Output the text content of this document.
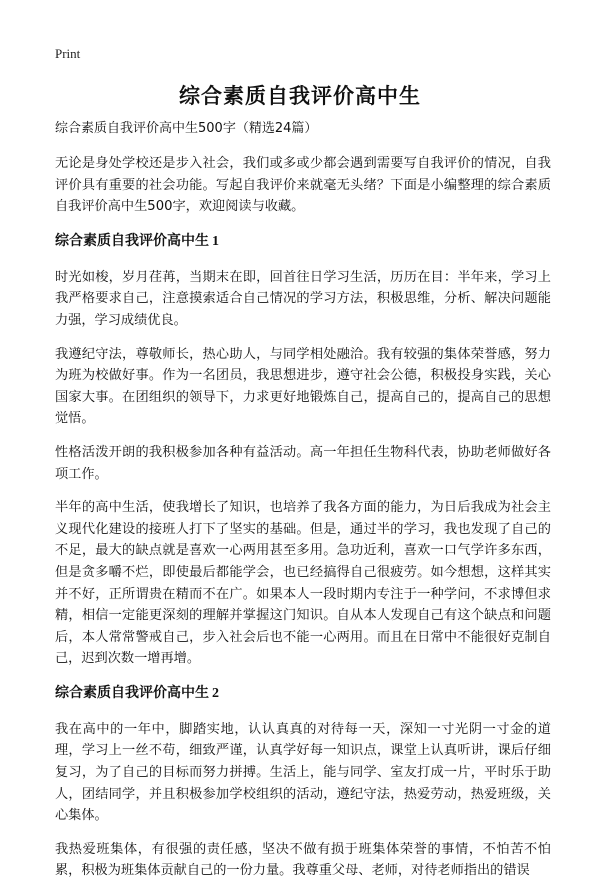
Print
综合素质自我评价高中生

综合素质自我评价高中生500字（精选24篇）

无论是身处学校还是步入社会，我们或多或少都会遇到需要写自我评价的情况，自我评价具有重要的社会功能。写起自我评价来就毫无头绪？下面是小编整理的综合素质自我评价高中生500字，欢迎阅读与收藏。

综合素质自我评价高中生 1

时光如梭，岁月荏苒，当期末在即，回首往日学习生活，历历在目：半年来，学习上我严格要求自己，注意摸索适合自己情况的学习方法，积极思维，分析、解决问题能力强，学习成绩优良。

我遵纪守法，尊敬师长，热心助人，与同学相处融洽。我有较强的集体荣誉感，努力为班为校做好事。作为一名团员，我思想进步，遵守社会公德，积极投身实践，关心国家大事。在团组织的领导下，力求更好地锻炼自己，提高自己的，提高自己的思想觉悟。

性格活泼开朗的我积极参加各种有益活动。高一年担任生物科代表，协助老师做好各项工作。

半年的高中生活，使我增长了知识，也培养了我各方面的能力，为日后我成为社会主义现代化建设的接班人打下了坚实的基础。但是，通过半的学习，我也发现了自己的不足，最大的缺点就是喜欢一心两用甚至多用。急功近利，喜欢一口气学许多东西，但是贪多嚼不烂，即使最后都能学会，也已经搞得自己很疲劳。如今想想，这样其实并不好，正所谓贵在精而不在广。如果本人一段时期内专注于一种学问，不求博但求精，相信一定能更深刻的理解并掌握这门知识。自从本人发现自己有这个缺点和问题后，本人常常警戒自己，步入社会后也不能一心两用。而且在日常中不能很好克制自己，迟到次数一增再增。

综合素质自我评价高中生 2

我在高中的一年中，脚踏实地，认认真真的对待每一天，深知一寸光阴一寸金的道理，学习上一丝不苟，细致严谨，认真学好每一知识点，课堂上认真听讲，课后仔细复习，为了自己的目标而努力拼搏。生活上，能与同学、室友打成一片，平时乐于助人，团结同学，并且积极参加学校组织的活动，遵纪守法，热爱劳动，热爱班级，关心集体。

我热爱班集体，有很强的责任感，坚决不做有损于班集体荣誉的事情，不怕苦不怕累，积极为班集体贡献自己的一份力量。我尊重父母、老师，对待老师指出的错误
